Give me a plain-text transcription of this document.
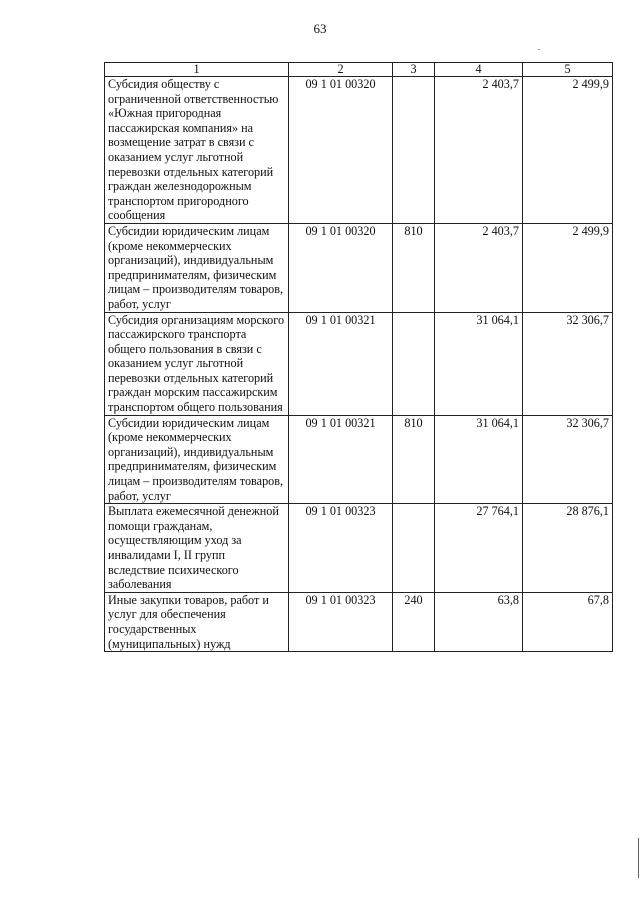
63
1	2	3	4	5
Субсидия обществу с ограниченной ответственностью «Южная пригородная пассажирская компания» на возмещение затрат в связи с оказанием услуг льготной перевозки отдельных категорий граждан железнодорожным транспортом пригородного сообщения	09 1 01 00320		2 403,7	2 499,9
Субсидии юридическим лицам (кроме некоммерческих организаций), индивидуальным предпринимателям, физическим лицам – производителям товаров, работ, услуг	09 1 01 00320	810	2 403,7	2 499,9
Субсидия организациям морского пассажирского транспорта общего пользования в связи с оказанием услуг льготной перевозки отдельных категорий граждан морским пассажирским транспортом общего пользования	09 1 01 00321		31 064,1	32 306,7
Субсидии юридическим лицам (кроме некоммерческих организаций), индивидуальным предпринимателям, физическим лицам – производителям товаров, работ, услуг	09 1 01 00321	810	31 064,1	32 306,7
Выплата ежемесячной денежной помощи гражданам, осуществляющим уход за инвалидами I, II групп вследствие психического заболевания	09 1 01 00323		27 764,1	28 876,1
Иные закупки товаров, работ и услуг для обеспечения государственных (муниципальных) нужд	09 1 01 00323	240	63,8	67,8
